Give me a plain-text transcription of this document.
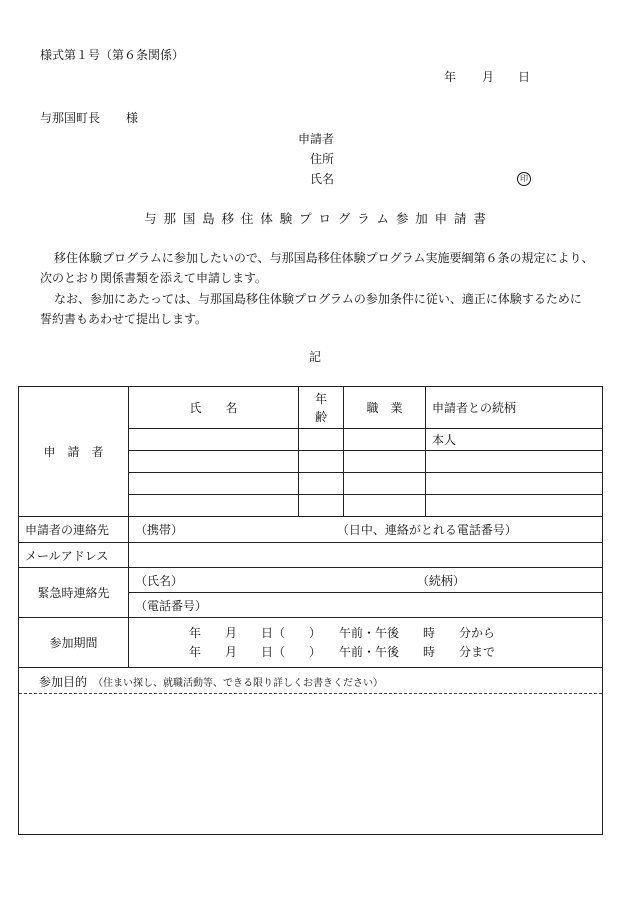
様式第１号（第６条関係）
年 月 日
与那国町長 様
申請者
住所
氏名	印
与那国島移住体験プログラム参加申請書
移住体験プログラムに参加したいので、与那国島移住体験プログラム実施要綱第６条の規定により、
次のとおり関係書類を添えて申請します。
なお、参加にあたっては、与那国島移住体験プログラムの参加条件に従い、適正に体験するために
誓約書もあわせて提出します。
記
申　請　者	氏　　名	年齢	職　業	申請者との続柄
				本人

申請者の連絡先	（携帯） （日中、連絡がとれる電話番号）			
メールアドレス				
緊急時連絡先	（氏名） （続柄）			
	（電話番号）			
参加期間	年　　月　　日（　　）　　午前・午後　　時　　分から
年　　月　　日（　　）　　午前・午後　　時　　分まで			

参加目的 （住まい探し、就職活動等、できる限り詳しくお書きください）				
